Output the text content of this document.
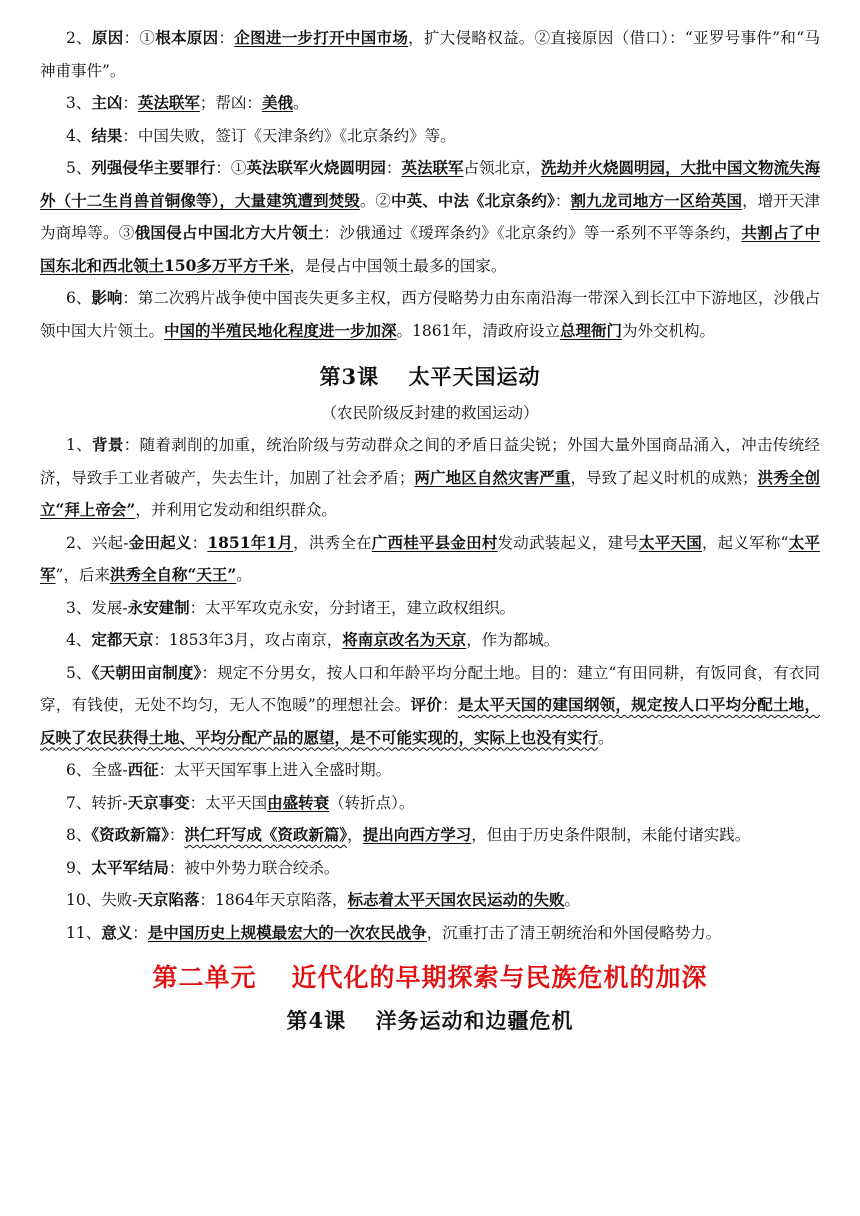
2、原因：①根本原因：企图进一步打开中国市场，扩大侵略权益。②直接原因（借口）：“亚罗号事件”和“马神甫事件”。

3、主凶：英法联军；帮凶：美俄。

4、结果：中国失败，签订《天津条约》《北京条约》等。

5、列强侵华主要罪行：①英法联军火烧圆明园：英法联军占领北京，洗劫并火烧圆明园，大批中国文物流失海外（十二生肖兽首铜像等），大量建筑遭到焚毁。②中英、中法《北京条约》：割九龙司地方一区给英国，增开天津为商埠等。③俄国侵占中国北方大片领土：沙俄通过《瑷珲条约》《北京条约》等一系列不平等条约，共割占了中国东北和西北领土150多万平方千米，是侵占中国领土最多的国家。

6、影响：第二次鸦片战争使中国丧失更多主权，西方侵略势力由东南沿海一带深入到长江中下游地区，沙俄占领中国大片领土。中国的半殖民地化程度进一步加深。1861年，清政府设立总理衙门为外交机构。

第3课 太平天国运动

（农民阶级反封建的救国运动）

1、背景：随着剥削的加重，统治阶级与劳动群众之间的矛盾日益尖锐；外国大量外国商品涌入，冲击传统经济，导致手工业者破产，失去生计，加剧了社会矛盾；两广地区自然灾害严重，导致了起义时机的成熟；洪秀全创立“拜上帝会”，并利用它发动和组织群众。

2、兴起-金田起义：1851年1月，洪秀全在广西桂平县金田村发动武装起义，建号太平天国，起义军称“太平军”，后来洪秀全自称“天王”。

3、发展-永安建制：太平军攻克永安，分封诸王，建立政权组织。

4、定都天京：1853年3月，攻占南京，将南京改名为天京，作为都城。

5、《天朝田亩制度》：规定不分男女，按人口和年龄平均分配土地。目的：建立“有田同耕，有饭同食，有衣同穿，有钱使，无处不均匀，无人不饱暖”的理想社会。评价：是太平天国的建国纲领，规定按人口平均分配土地，反映了农民获得土地、平均分配产品的愿望，是不可能实现的，实际上也没有实行。

6、全盛-西征：太平天国军事上进入全盛时期。

7、转折-天京事变：太平天国由盛转衰（转折点）。

8、《资政新篇》：洪仁玕写成《资政新篇》，提出向西方学习，但由于历史条件限制，未能付诸实践。

9、太平军结局：被中外势力联合绞杀。

10、失败-天京陷落：1864年天京陷落，标志着太平天国农民运动的失败。

11、意义：是中国历史上规模最宏大的一次农民战争，沉重打击了清王朝统治和外国侵略势力。

第二单元 近代化的早期探索与民族危机的加深
第4课 洋务运动和边疆危机
